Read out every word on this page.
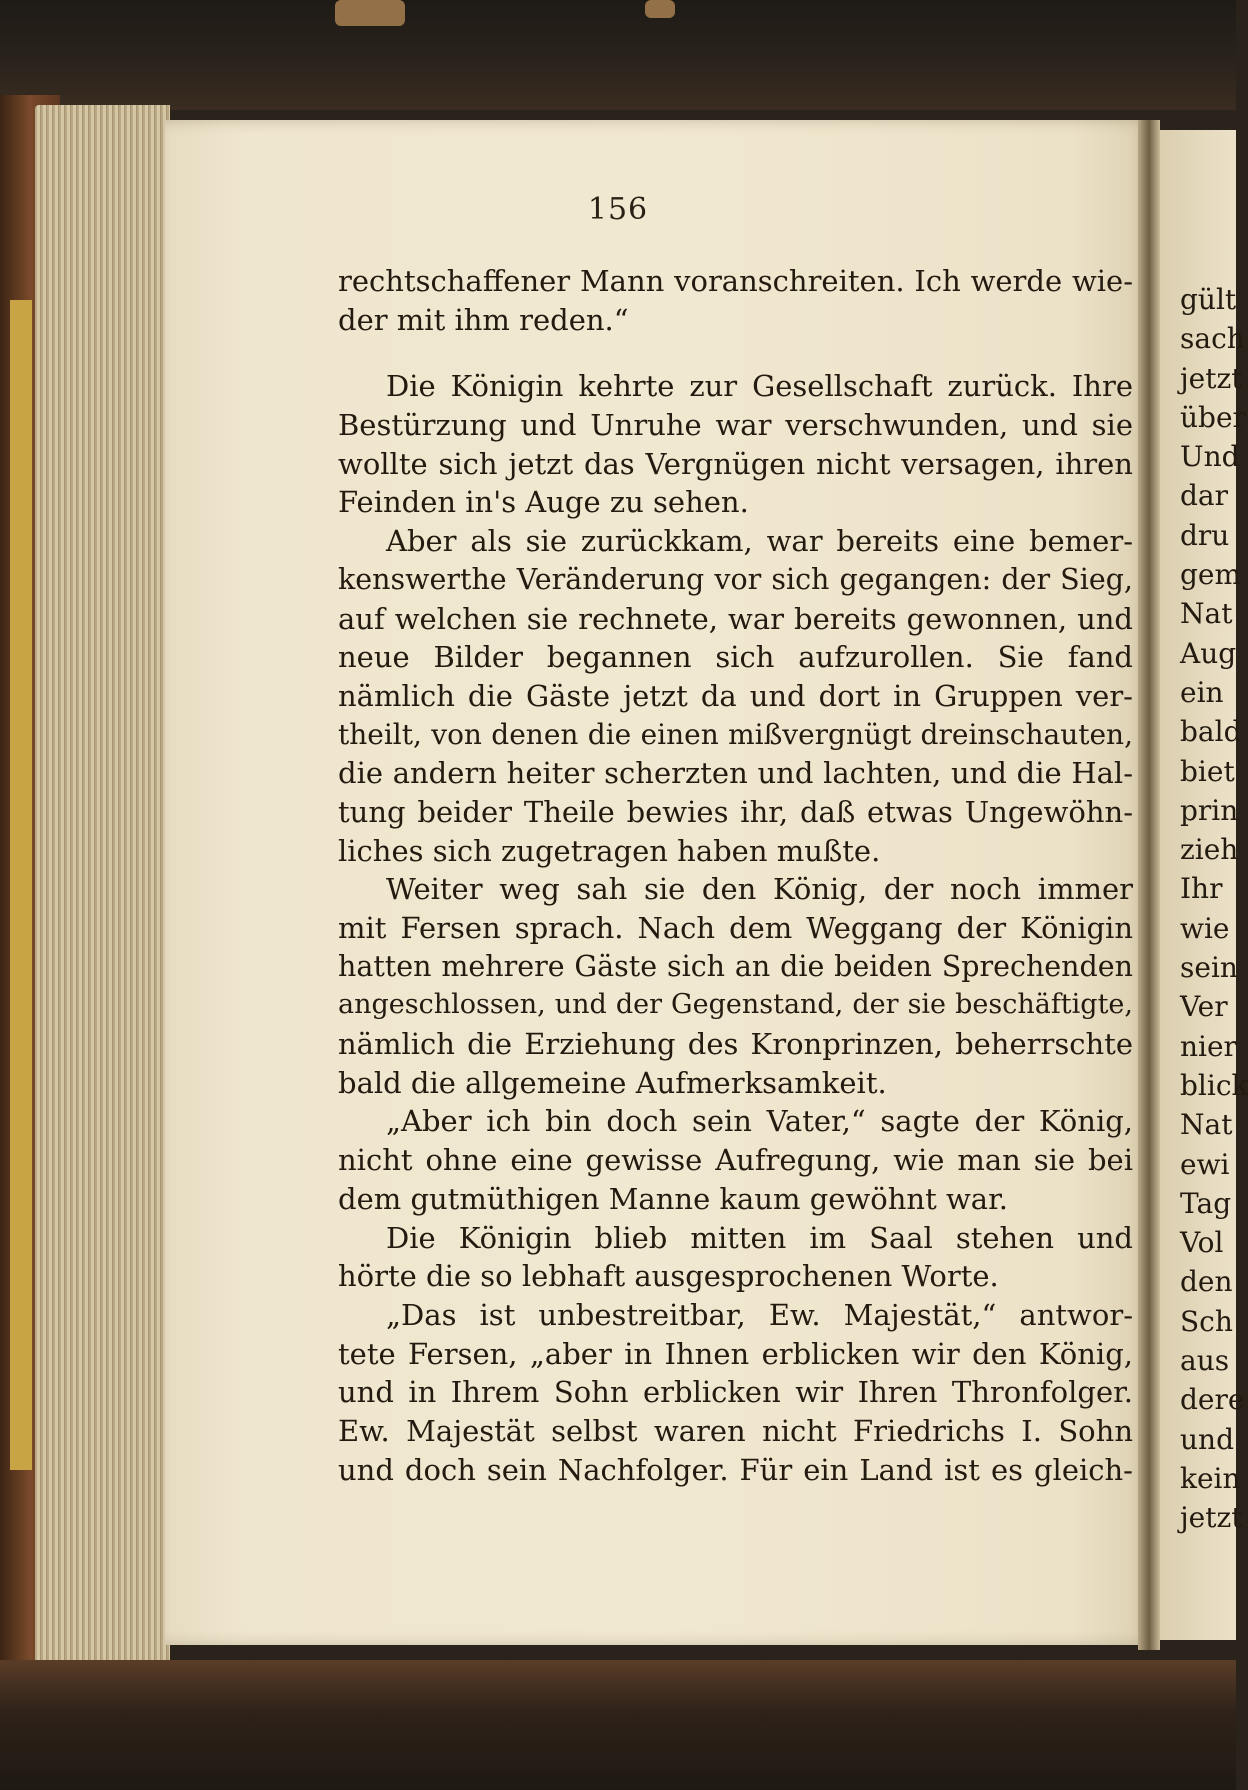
156
rechtschaffener Mann voranschreiten. Ich werde wie-
der mit ihm reden.“
Die Königin kehrte zur Gesellschaft zurück. Ihre
Bestürzung und Unruhe war verschwunden, und sie
wollte sich jetzt das Vergnügen nicht versagen, ihren
Feinden in's Auge zu sehen.
Aber als sie zurückkam, war bereits eine bemer-
kenswerthe Veränderung vor sich gegangen: der Sieg,
auf welchen sie rechnete, war bereits gewonnen, und
neue Bilder begannen sich aufzurollen. Sie fand
nämlich die Gäste jetzt da und dort in Gruppen ver-
theilt, von denen die einen mißvergnügt dreinschauten,
die andern heiter scherzten und lachten, und die Hal-
tung beider Theile bewies ihr, daß etwas Ungewöhn-
liches sich zugetragen haben mußte.
Weiter weg sah sie den König, der noch immer
mit Fersen sprach. Nach dem Weggang der Königin
hatten mehrere Gäste sich an die beiden Sprechenden
angeschlossen, und der Gegenstand, der sie beschäftigte,
nämlich die Erziehung des Kronprinzen, beherrschte
bald die allgemeine Aufmerksamkeit.
„Aber ich bin doch sein Vater,“ sagte der König,
nicht ohne eine gewisse Aufregung, wie man sie bei
dem gutmüthigen Manne kaum gewöhnt war.
Die Königin blieb mitten im Saal stehen und
hörte die so lebhaft ausgesprochenen Worte.
„Das ist unbestreitbar, Ew. Majestät,“ antwor-
tete Fersen, „aber in Ihnen erblicken wir den König,
und in Ihrem Sohn erblicken wir Ihren Thronfolger.
Ew. Majestät selbst waren nicht Friedrichs I. Sohn
und doch sein Nachfolger. Für ein Land ist es gleich-
gült
sach
jetzt
über
Und
dar
dru
gem
Nat
Aug
ein
bald
biet
prin
zieh
Ihr
wie
sein
Ver
nier
blick
Nat
ewi
Tag
Vol
den
Sch
aus
dere
und
kein
jetzt
